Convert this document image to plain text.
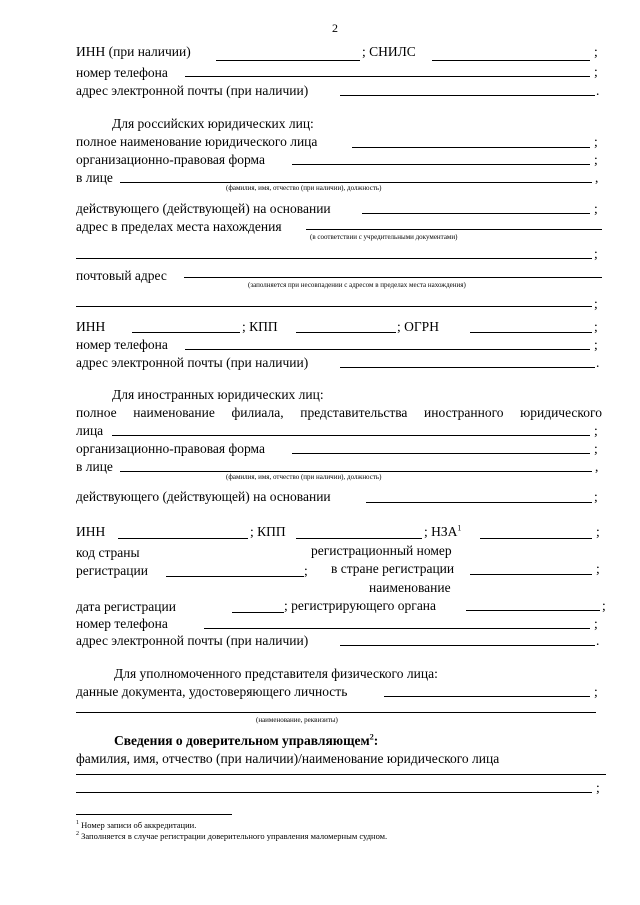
2
ИНН (при наличии)	; СНИЛС	;
номер телефона	;
адрес электронной почты (при наличии)	.
Для российских юридических лиц:
полное наименование юридического лица	;
организационно-правовая форма	;
в лице	,
(фамилия, имя, отчество (при наличии), должность)
действующего (действующей) на основании	;
адрес в пределах места нахождения
(в соответствии с учредительными документами)
;
почтовый адрес
(заполняется при несовпадении с адресом в пределах места нахождения)
;
ИНН	; КПП	; ОГРН	;
номер телефона	;
адрес электронной почты (при наличии)	.
Для иностранных юридических лиц:
полное наименование филиала, представительства иностранного юридического
лица	;
организационно-правовая форма	;
в лице	,
(фамилия, имя, отчество (при наличии), должность)
действующего (действующей) на основании	;
ИНН	; КПП	; НЗА$^1$	;
код страны
регистрации	;
регистрационный номер
в стране регистрации	;
наименование
дата регистрации	; регистрирующего органа	;
номер телефона	;
адрес электронной почты (при наличии)	.
Для уполномоченного представителя физического лица:
данные документа, удостоверяющего личность	;
(наименование, реквизиты)
Сведения о доверительном управляющем$^2$:
фамилия, имя, отчество (при наличии)/наименование юридического лица
;
$^1$ Номер записи об аккредитации.
$^2$ Заполняется в случае регистрации доверительного управления маломерным судном.
